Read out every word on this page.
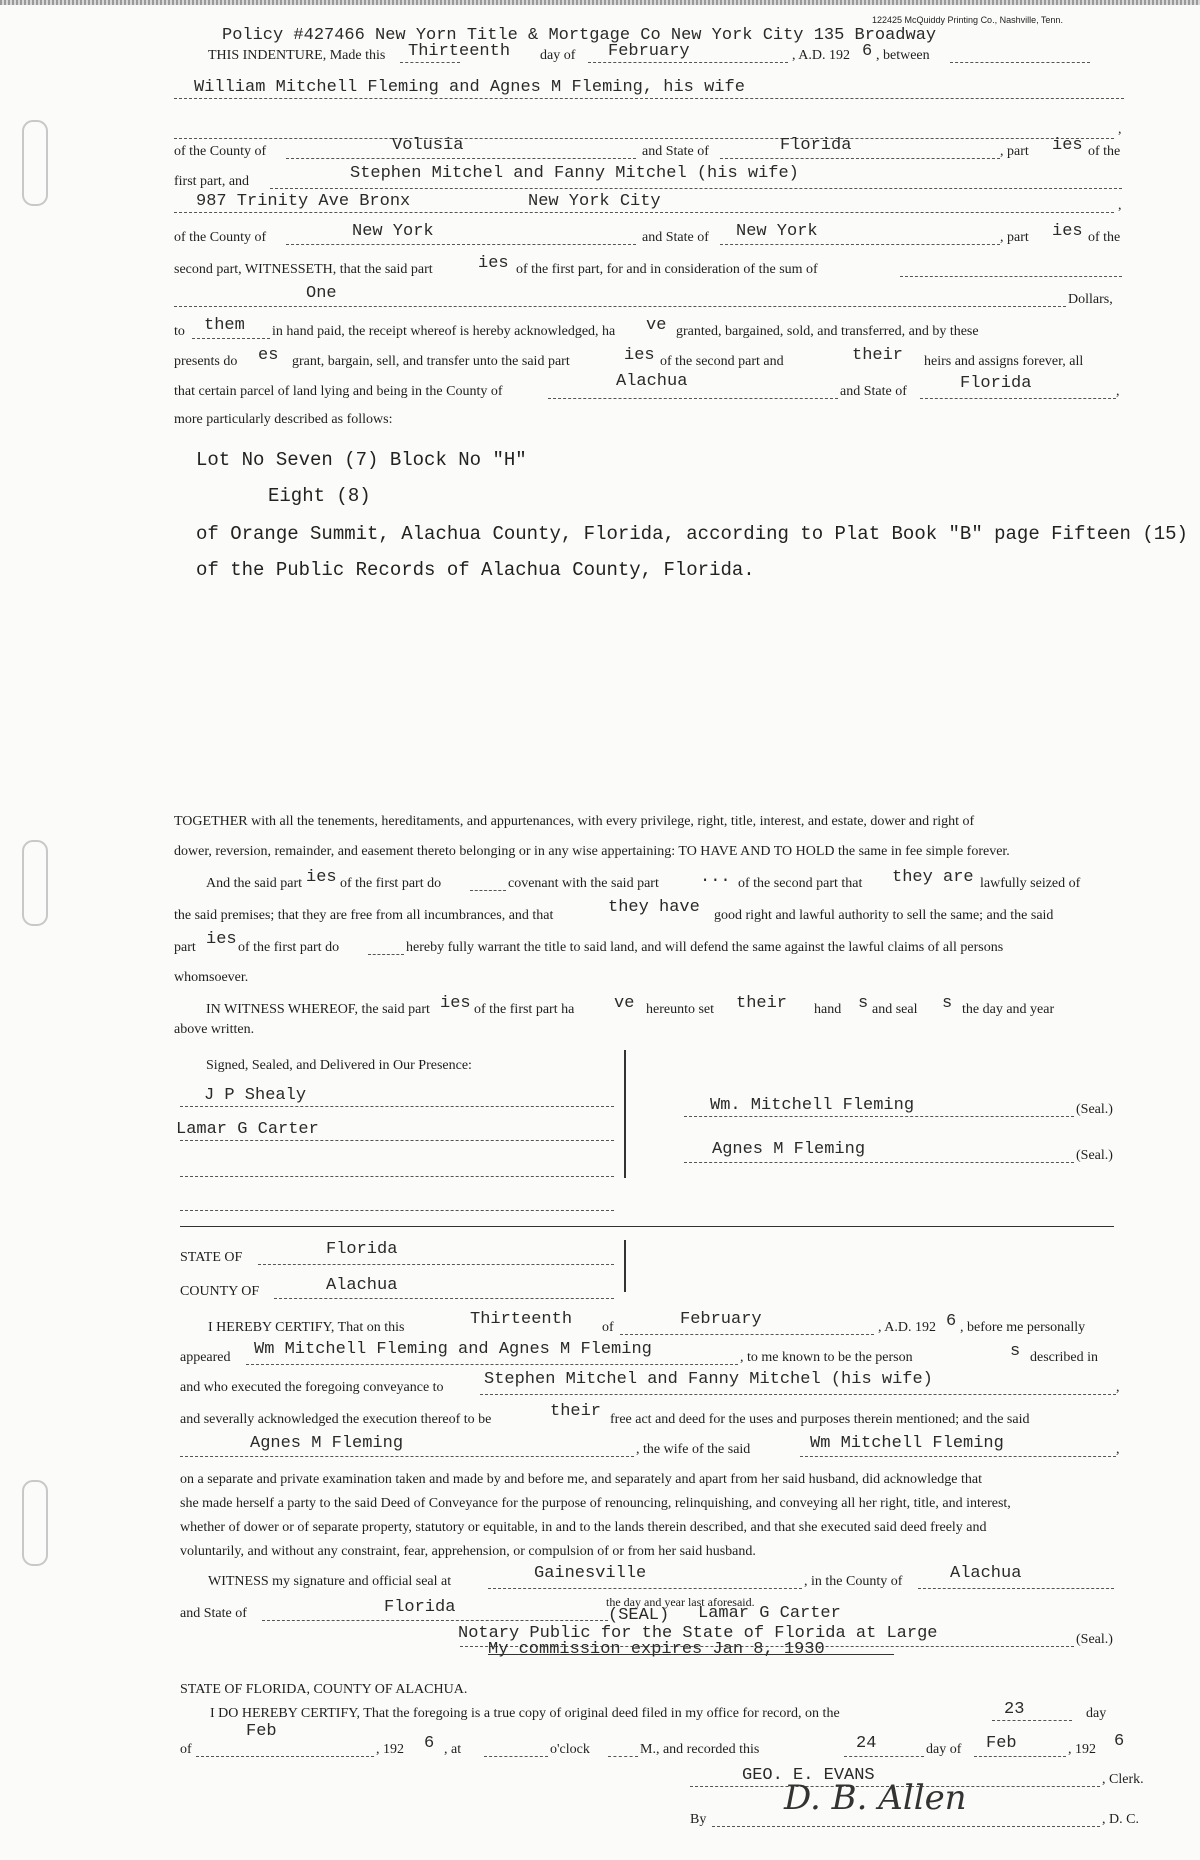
122425 McQuiddy Printing Co., Nashville, Tenn.
Policy #427466 New Yorn Title & Mortgage Co New York City 135 Broadway
THIS INDENTURE, Made this Thirteenth day of February	, A.D. 192 6 , between
William Mitchell Fleming and Agnes M Fleming, his wife
,
of the County of	Volusia	and State of	Florida	, part ies of the
first part, and	Stephen Mitchel and Fanny Mitchel (his wife)
987 Trinity Ave Bronx	New York City	,
of the County of	New York	and State of New York	, part ies of the
second part, WITNESSETH, that the said part	ies of the first part, for and in consideration of the sum of
One	Dollars,
to them in hand paid, the receipt whereof is hereby acknowledged, ha ve granted, bargained, sold, and transferred, and by these
presents do es grant, bargain, sell, and transfer unto the said part	ies of the second part and	their heirs and assigns forever, all
that certain parcel of land lying and being in the County of
Alachua
and State of	Florida	,
more particularly described as follows:
Lot No Seven (7) Block No "H"
Eight (8)
of Orange Summit, Alachua County, Florida, according to Plat Book "B" page Fifteen (15)
of the Public Records of Alachua County, Florida.
TOGETHER with all the tenements, hereditaments, and appurtenances, with every privilege, right, title, interest, and estate, dower and right of
dower, reversion, remainder, and easement thereto belonging or in any wise appertaining: TO HAVE AND TO HOLD the same in fee simple forever.
And the said part ies of the first part do	covenant with the said part ... of the second part that they are lawfully seized of
the said premises; that they are free from all incumbrances, and that	they have good right and lawful authority to sell the same; and the said
part ies of the first part do	hereby fully warrant the title to said land, and will defend the same against the lawful claims of all persons
whomsoever.
IN WITNESS WHEREOF, the said part ies of the first part ha ve hereunto set their hand s and seal s the day and year
above written.
Signed, Sealed, and Delivered in Our Presence:
J P Shealy
Lamar G Carter
Wm. Mitchell Fleming	(Seal.)
Agnes M Fleming	(Seal.)
STATE OF	Florida
COUNTY OF	Alachua
I HEREBY CERTIFY, That on this	Thirteenth of	February	, A.D. 192 6 , before me personally
appeared Wm Mitchell Fleming and Agnes M Fleming	, to me known to be the person	s described in
and who executed the foregoing conveyance to Stephen Mitchel and Fanny Mitchel (his wife)	,
and severally acknowledged the execution thereof to be	their free act and deed for the uses and purposes therein mentioned; and the said
Agnes M Fleming	, the wife of the said	Wm Mitchell Fleming	,
on a separate and private examination taken and made by and before me, and separately and apart from her said husband, did acknowledge that
she made herself a party to the said Deed of Conveyance for the purpose of renouncing, relinquishing, and conveying all her right, title, and interest,
whether of dower or of separate property, statutory or equitable, in and to the lands therein described, and that she executed said deed freely and
voluntarily, and without any constraint, fear, apprehension, or compulsion of or from her said husband.
WITNESS my signature and official seal at	Gainesville	, in the County of	Alachua
and State of	Florida	the day and year last aforesaid.
(SEAL) Lamar G Carter
Notary Public for the State of Florida at Large	(Seal.)
My commission expires Jan 8, 1930
STATE OF FLORIDA, COUNTY OF ALACHUA.
I DO HEREBY CERTIFY, That the foregoing is a true copy of original deed filed in my office for record, on the	23	day
of
Feb
, 192 6 , at	o'clock	M., and recorded this	24	day of Feb	, 192 6
GEO. E. EVANS	, Clerk.
By
D. B. Allen
, D. C.
